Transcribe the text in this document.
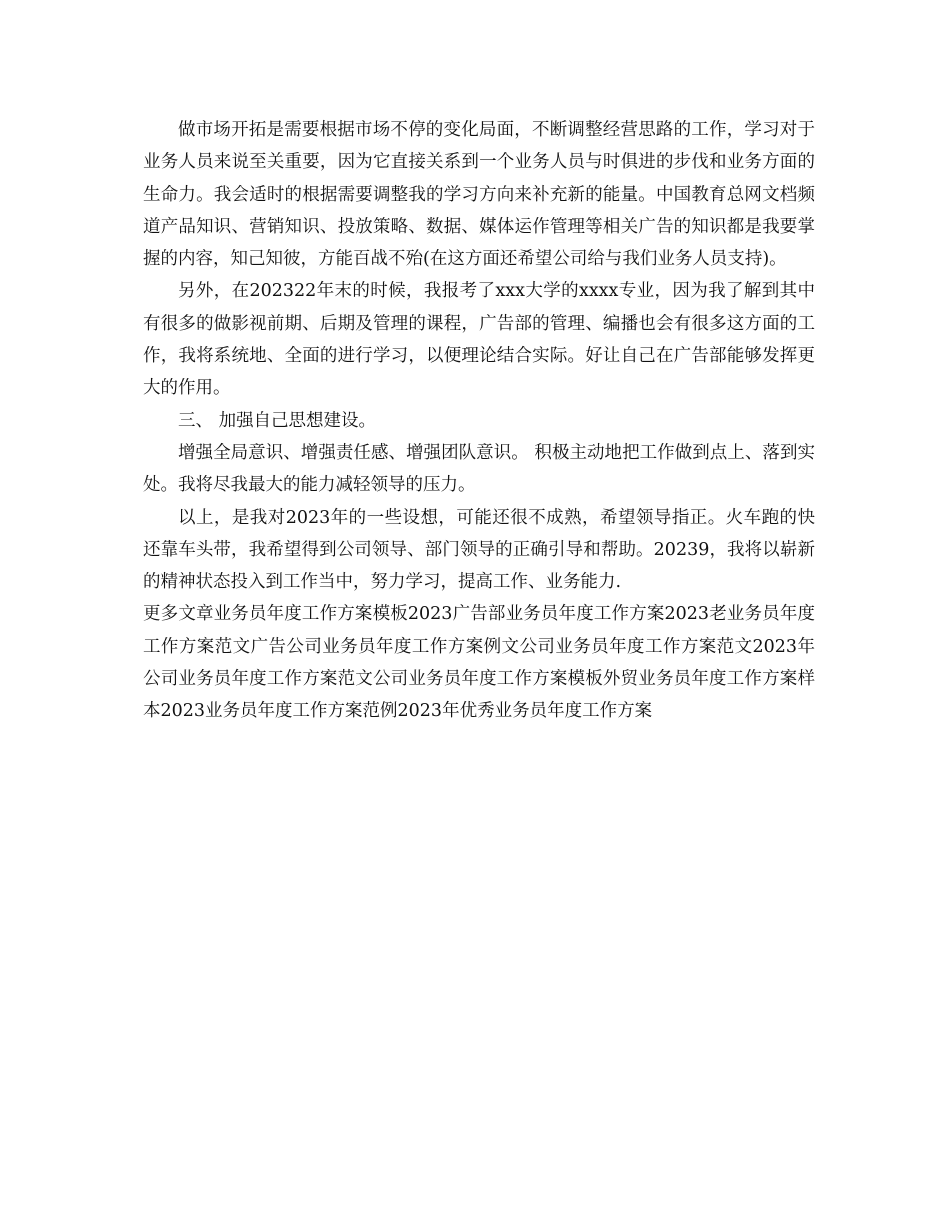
做市场开拓是需要根据市场不停的变化局面，不断调整经营思路的工作，学习对于业务人员来说至关重要，因为它直接关系到一个业务人员与时俱进的步伐和业务方面的生命力。我会适时的根据需要调整我的学习方向来补充新的能量。中国教育总网文档频道产品知识、营销知识、投放策略、数据、媒体运作管理等相关广告的知识都是我要掌握的内容，知己知彼，方能百战不殆(在这方面还希望公司给与我们业务人员支持)。

另外，在202322年末的时候，我报考了xxx大学的xxxx专业，因为我了解到其中有很多的做影视前期、后期及管理的课程，广告部的管理、编播也会有很多这方面的工作，我将系统地、全面的进行学习，以便理论结合实际。好让自己在广告部能够发挥更大的作用。

三、 加强自己思想建设。

增强全局意识、增强责任感、增强团队意识。 积极主动地把工作做到点上、落到实处。我将尽我最大的能力减轻领导的压力。

以上，是我对2023年的一些设想，可能还很不成熟，希望领导指正。火车跑的快还靠车头带，我希望得到公司领导、部门领导的正确引导和帮助。20239，我将以崭新的精神状态投入到工作当中，努力学习，提高工作、业务能力.

更多文章业务员年度工作方案模板2023广告部业务员年度工作方案2023老业务员年度工作方案范文广告公司业务员年度工作方案例文公司业务员年度工作方案范文2023年公司业务员年度工作方案范文公司业务员年度工作方案模板外贸业务员年度工作方案样本2023业务员年度工作方案范例2023年优秀业务员年度工作方案
